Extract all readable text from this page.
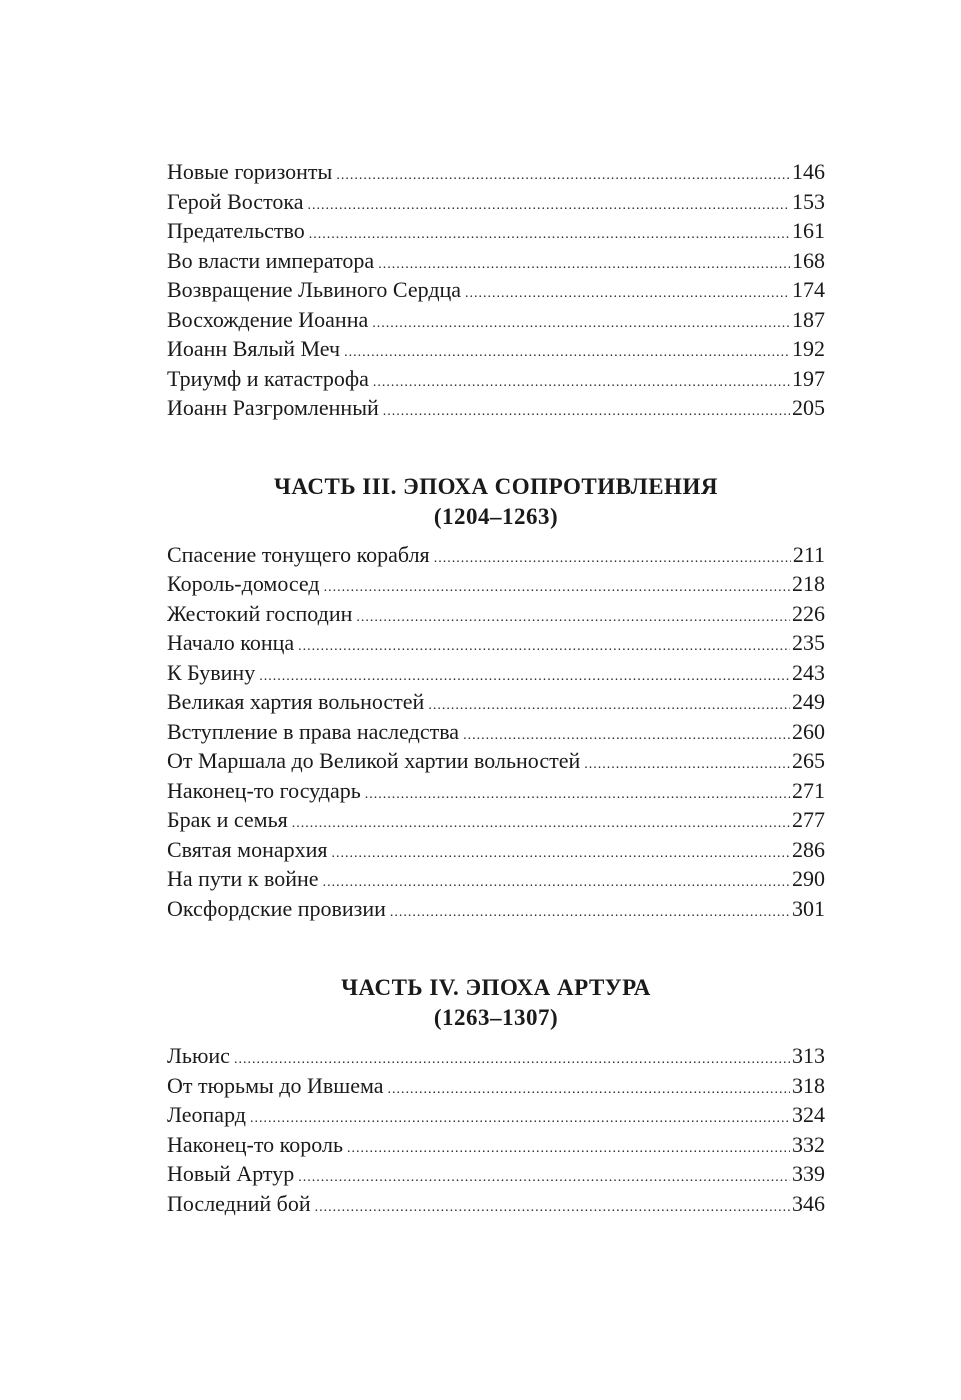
Новые горизонты .....	146
Герой Востока .....	153
Предательство .....	161
Во власти императора .....	168
Возвращение Львиного Сердца .....	174
Восхождение Иоанна .....	187
Иоанн Вялый Меч .....	192
Триумф и катастрофа .....	197
Иоанн Разгромленный .....	205
ЧАСТЬ III. ЭПОХА СОПРОТИВЛЕНИЯ
(1204–1263)
Спасение тонущего корабля .....	211
Король-домосед .....	218
Жестокий господин .....	226
Начало конца .....	235
К Бувину .....	243
Великая хартия вольностей .....	249
Вступление в права наследства .....	260
От Маршала до Великой хартии вольностей .....	265
Наконец-то государь .....	271
Брак и семья .....	277
Святая монархия .....	286
На пути к войне .....	290
Оксфордские провизии .....	301
ЧАСТЬ IV. ЭПОХА АРТУРА
(1263–1307)
Льюис .....	313
От тюрьмы до Ившема .....	318
Леопард .....	324
Наконец-то король .....	332
Новый Артур .....	339
Последний бой .....	346
